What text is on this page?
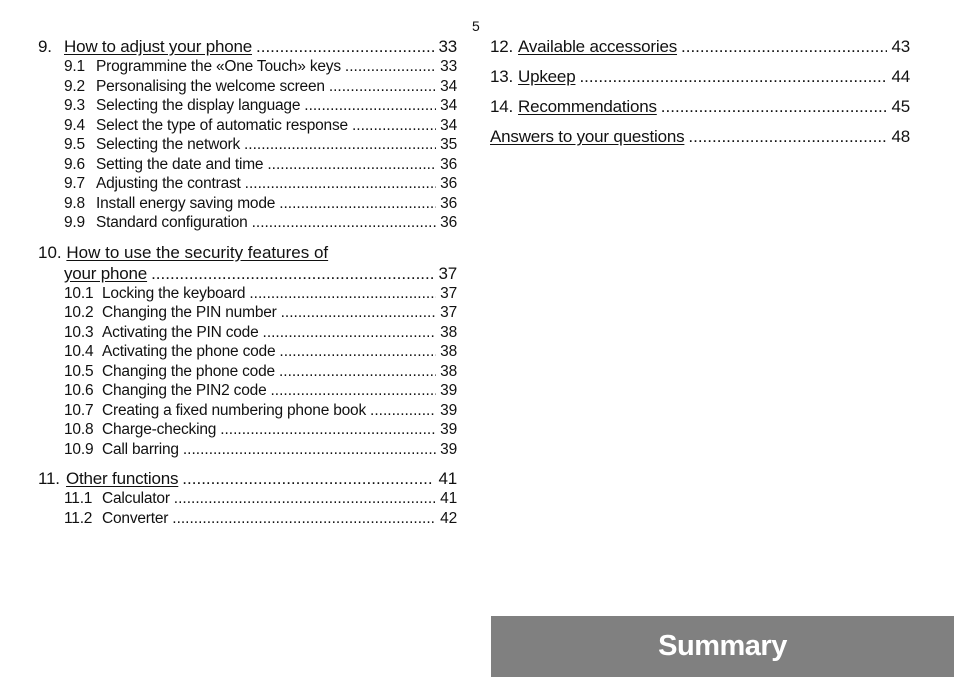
5
9. How to adjust your phone .....	33
9.1 Programmine the «One Touch» keys .....	33
9.2 Personalising the welcome screen .....	34
9.3 Selecting the display language .....	34
9.4 Select the type of automatic response .....	34
9.5 Selecting the network .....	35
9.6 Setting the date and time .....	36
9.7 Adjusting the contrast .....	36
9.8 Install energy saving mode .....	36
9.9 Standard configuration .....	36
10. How to use the security features of
your phone .....	37
10.1 Locking the keyboard .....	37
10.2 Changing the PIN number .....	37
10.3 Activating the PIN code .....	38
10.4 Activating the phone code .....	38
10.5 Changing the phone code .....	38
10.6 Changing the PIN2 code .....	39
10.7 Creating a fixed numbering phone book .....	39
10.8 Charge-checking .....	39
10.9 Call barring .....	39
11. Other functions .....	41
11.1 Calculator .....	41
11.2 Converter .....	42
12. Available accessories .....	43
13. Upkeep .....	44
14. Recommendations .....	45
Answers to your questions .....	48
Summary
